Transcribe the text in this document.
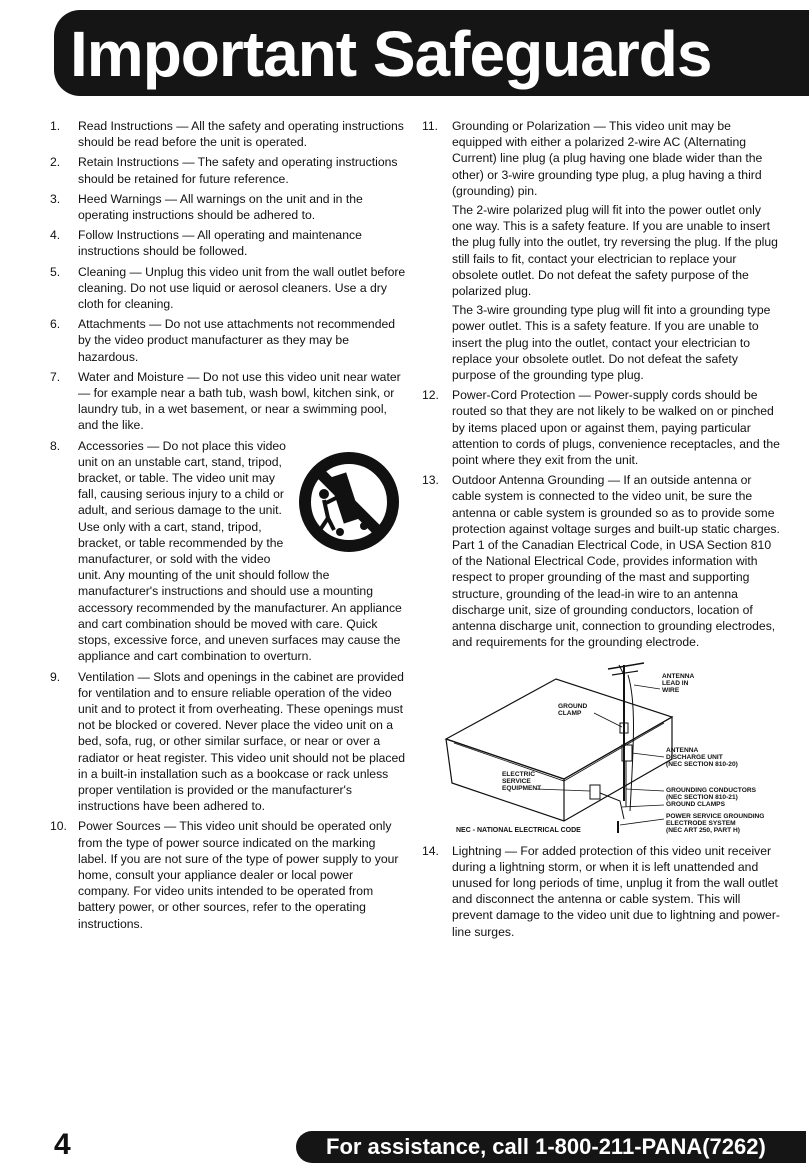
Important Safeguards
1. Read Instructions — All the safety and operating instructions should be read before the unit is operated.
2. Retain Instructions — The safety and operating instructions should be retained for future reference.
3. Heed Warnings — All warnings on the unit and in the operating instructions should be adhered to.
4. Follow Instructions — All operating and maintenance instructions should be followed.
5. Cleaning — Unplug this video unit from the wall outlet before cleaning. Do not use liquid or aerosol cleaners. Use a dry cloth for cleaning.
6. Attachments — Do not use attachments not recommended by the video product manufacturer as they may be hazardous.
7. Water and Moisture — Do not use this video unit near water — for example near a bath tub, wash bowl, kitchen sink, or laundry tub, in a wet basement, or near a swimming pool, and the like.
8. Accessories — Do not place this video unit on an unstable cart, stand, tripod, bracket, or table. The video unit may fall, causing serious injury to a child or adult, and serious damage to the unit. Use only with a cart, stand, tripod, bracket, or table recommended by the manufacturer, or sold with the video unit. Any mounting of the unit should follow the manufacturer's instructions and should use a mounting accessory recommended by the manufacturer. An appliance and cart combination should be moved with care. Quick stops, excessive force, and uneven surfaces may cause the appliance and cart combination to overturn.
9. Ventilation — Slots and openings in the cabinet are provided for ventilation and to ensure reliable operation of the video unit and to protect it from overheating. These openings must not be blocked or covered. Never place the video unit on a bed, sofa, rug, or other similar surface, or near or over a radiator or heat register. This video unit should not be placed in a built-in installation such as a bookcase or rack unless proper ventilation is provided or the manufacturer's instructions have been adhered to.
10. Power Sources — This video unit should be operated only from the type of power source indicated on the marking label. If you are not sure of the type of power supply to your home, consult your appliance dealer or local power company. For video units intended to be operated from battery power, or other sources, refer to the operating instructions.
11. Grounding or Polarization — This video unit may be equipped with either a polarized 2-wire AC (Alternating Current) line plug (a plug having one blade wider than the other) or 3-wire grounding type plug, a plug having a third (grounding) pin.

The 2-wire polarized plug will fit into the power outlet only one way. This is a safety feature. If you are unable to insert the plug fully into the outlet, try reversing the plug. If the plug still fails to fit, contact your electrician to replace your obsolete outlet. Do not defeat the safety purpose of the polarized plug.

The 3-wire grounding type plug will fit into a grounding type power outlet. This is a safety feature. If you are unable to insert the plug into the outlet, contact your electrician to replace your obsolete outlet. Do not defeat the safety purpose of the grounding type plug.

12. Power-Cord Protection — Power-supply cords should be routed so that they are not likely to be walked on or pinched by items placed upon or against them, paying particular attention to cords of plugs, convenience receptacles, and the point where they exit from the unit.
13. Outdoor Antenna Grounding — If an outside antenna or cable system is connected to the video unit, be sure the antenna or cable system is grounded so as to provide some protection against voltage surges and built-up static charges. Part 1 of the Canadian Electrical Code, in USA Section 810 of the National Electrical Code, provides information with respect to proper grounding of the mast and supporting structure, grounding of the lead-in wire to an antenna discharge unit, size of grounding conductors, location of antenna discharge unit, connection to grounding electrodes, and requirements for the grounding electrode.
ANTENNA
LEAD IN
WIRE
GROUND
CLAMP
ANTENNA
DISCHARGE UNIT
(NEC SECTION 810-20)
ELECTRIC
SERVICE
EQUIPMENT	GROUNDING CONDUCTORS
(NEC SECTION 810-21)
GROUND CLAMPS
POWER SERVICE GROUNDING
ELECTRODE SYSTEM
(NEC ART 250, PART H)
NEC - NATIONAL ELECTRICAL CODE
14. Lightning — For added protection of this video unit receiver during a lightning storm, or when it is left unattended and unused for long periods of time, unplug it from the wall outlet and disconnect the antenna or cable system. This will prevent damage to the video unit due to lightning and power-line surges.
4	For assistance, call 1-800-211-PANA(7262)
